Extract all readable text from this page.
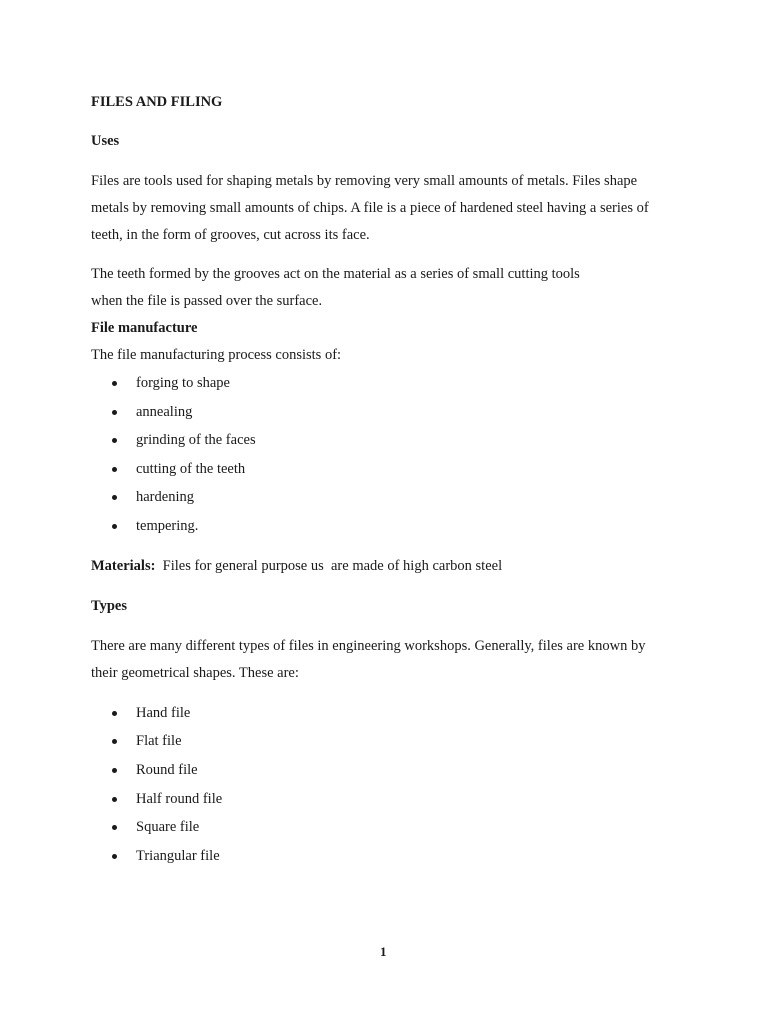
FILES AND FILING
Uses
Files are tools used for shaping metals by removing very small amounts of metals. Files shape
metals by removing small amounts of chips. A file is a piece of hardened steel having a series of
teeth, in the form of grooves, cut across its face.
The teeth formed by the grooves act on the material as a series of small cutting tools
when the file is passed over the surface.
File manufacture
The file manufacturing process consists of:
forging to shape
annealing
grinding of the faces
cutting of the teeth
hardening
tempering.
Materials:  Files for general purpose us  are made of high carbon steel
Types
There are many different types of files in engineering workshops. Generally, files are known by
their geometrical shapes. These are:
Hand file
Flat file
Round file
Half round file
Square file
Triangular file
1
